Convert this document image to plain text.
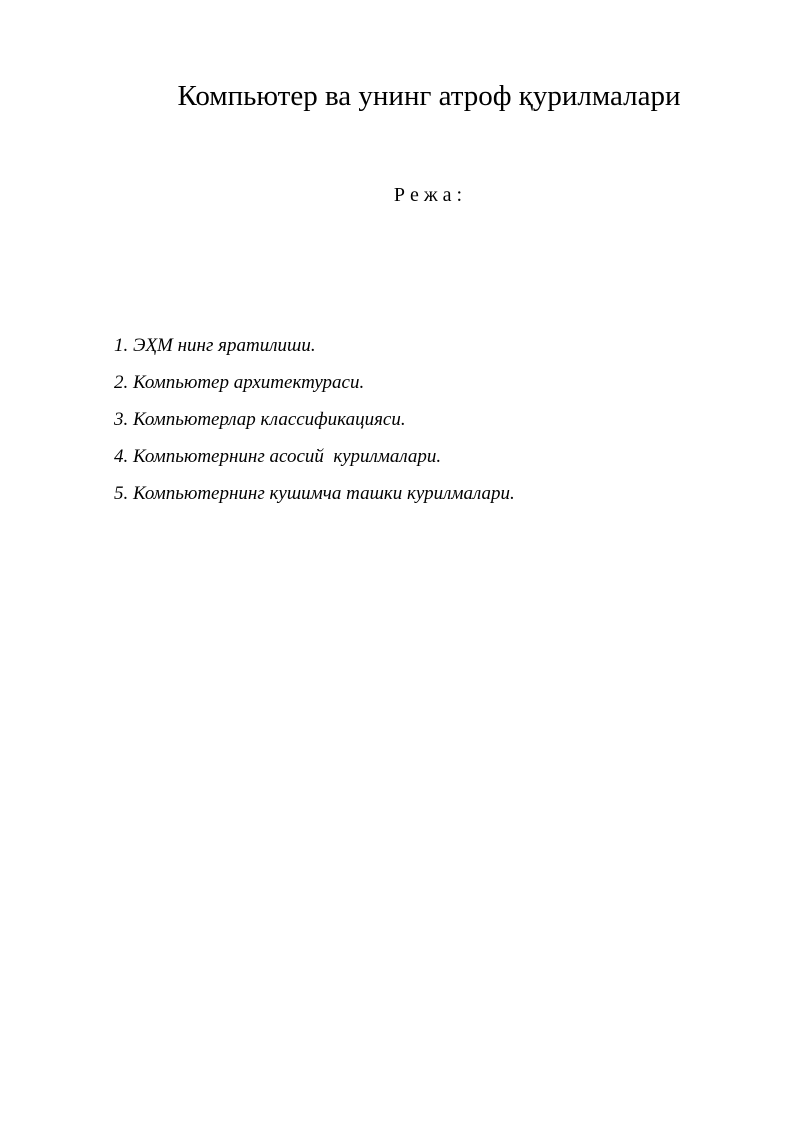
Компьютер ва унинг атроф қурилмалари
Р е ж а :
1. ЭҲМ нинг яратилиши.
2. Компьютер архитектураси.
3. Компьютерлар классификацияси.
4. Компьютернинг асосий  курилмалари.
5. Компьютернинг кушимча ташки курилмалари.
